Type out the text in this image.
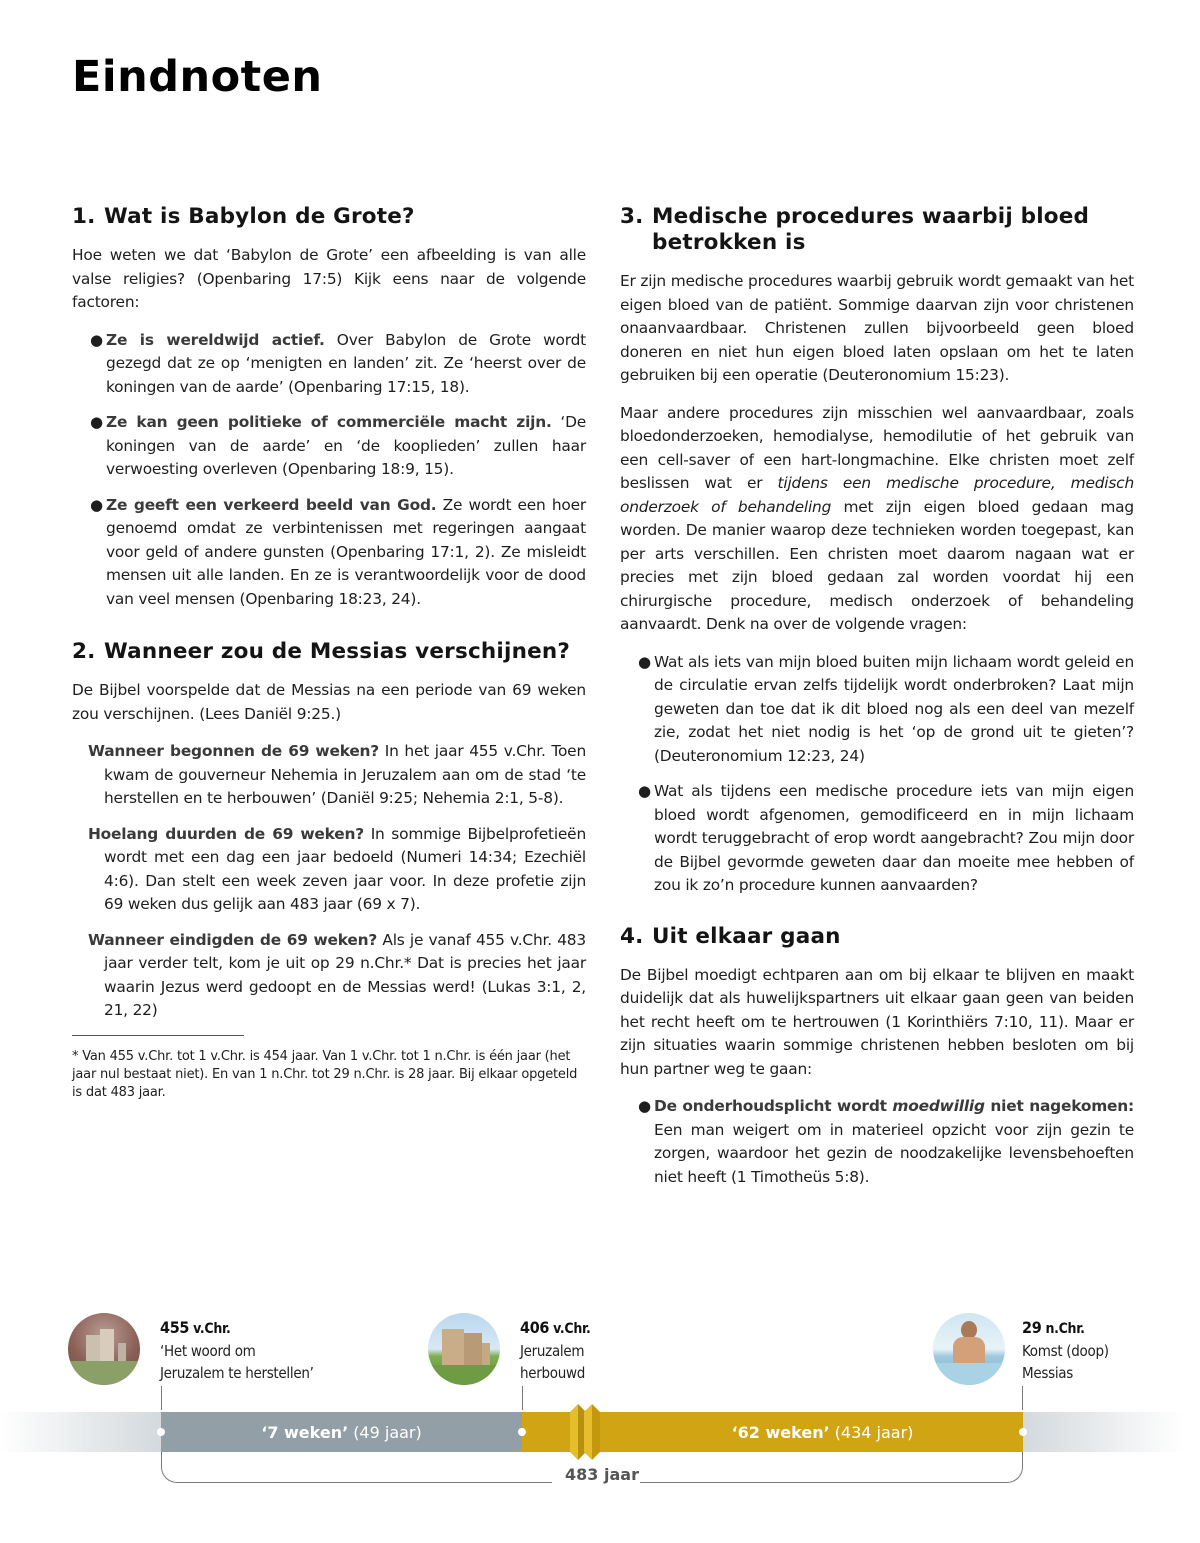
Eindnoten
1. Wat is Babylon de Grote?

Hoe weten we dat ‘Babylon de Grote’ een afbeelding is van alle valse religies? (Openbaring 17:5) Kijk eens naar de volgende factoren:

● Ze is wereldwijd actief. Over Babylon de Grote wordt gezegd dat ze op ‘menigten en landen’ zit. Ze ‘heerst over de koningen van de aarde’ (Openbaring 17:15, 18).
● Ze kan geen politieke of commerciële macht zijn. ‘De koningen van de aarde’ en ‘de kooplieden’ zullen haar verwoesting overleven (Openbaring 18:9, 15).
● Ze geeft een verkeerd beeld van God. Ze wordt een hoer genoemd omdat ze verbintenissen met regeringen aangaat voor geld of andere gunsten (Openbaring 17:1, 2). Ze misleidt mensen uit alle landen. En ze is verantwoordelijk voor de dood van veel mensen (Openbaring 18:23, 24).
2. Wanneer zou de Messias verschijnen?

De Bijbel voorspelde dat de Messias na een periode van 69 weken zou verschijnen. (Lees Daniël 9:25.)

Wanneer begonnen de 69 weken? In het jaar 455 v.Chr. Toen kwam de gouverneur Nehemia in Jeruzalem aan om de stad ‘te herstellen en te herbouwen’ (Daniël 9:25; Nehemia 2:1, 5-8).

Hoelang duurden de 69 weken? In sommige Bijbelprofetieën wordt met een dag een jaar bedoeld (Numeri 14:34; Ezechiël 4:6). Dan stelt een week zeven jaar voor. In deze profetie zijn 69 weken dus gelijk aan 483 jaar (69 x 7).

Wanneer eindigden de 69 weken? Als je vanaf 455 v.Chr. 483 jaar verder telt, kom je uit op 29 n.Chr.* Dat is precies het jaar waarin Jezus werd gedoopt en de Messias werd! (Lukas 3:1, 2, 21, 22)

* Van 455 v.Chr. tot 1 v.Chr. is 454 jaar. Van 1 v.Chr. tot 1 n.Chr. is één jaar (het jaar nul bestaat niet). En van 1 n.Chr. tot 29 n.Chr. is 28 jaar. Bij elkaar opgeteld is dat 483 jaar.

3. Medische procedures waarbij bloed
betrokken is

Er zijn medische procedures waarbij gebruik wordt gemaakt van het eigen bloed van de patiënt. Sommige daarvan zijn voor christenen onaanvaardbaar. Christenen zullen bijvoorbeeld geen bloed doneren en niet hun eigen bloed laten opslaan om het te laten gebruiken bij een operatie (Deuteronomium 15:23).

Maar andere procedures zijn misschien wel aanvaardbaar, zoals bloedonderzoeken, hemodialyse, hemodilutie of het gebruik van een cell-saver of een hart-longmachine. Elke christen moet zelf beslissen wat er tijdens een medische procedure, medisch onderzoek of behandeling met zijn eigen bloed gedaan mag worden. De manier waarop deze technieken worden toegepast, kan per arts verschillen. Een christen moet daarom nagaan wat er precies met zijn bloed gedaan zal worden voordat hij een chirurgische procedure, medisch onderzoek of behandeling aanvaardt. Denk na over de volgende vragen:

● Wat als iets van mijn bloed buiten mijn lichaam wordt geleid en de circulatie ervan zelfs tijdelijk wordt onderbroken? Laat mijn geweten dan toe dat ik dit bloed nog als een deel van mezelf zie, zodat het niet nodig is het ‘op de grond uit te gieten’? (Deuteronomium 12:23, 24)
● Wat als tijdens een medische procedure iets van mijn eigen bloed wordt afgenomen, gemodificeerd en in mijn lichaam wordt teruggebracht of erop wordt aangebracht? Zou mijn door de Bijbel gevormde geweten daar dan moeite mee hebben of zou ik zo’n procedure kunnen aanvaarden?
4. Uit elkaar gaan

De Bijbel moedigt echtparen aan om bij elkaar te blijven en maakt duidelijk dat als huwelijkspartners uit elkaar gaan geen van beiden het recht heeft om te hertrouwen (1 Korinthiërs 7:10, 11). Maar er zijn situaties waarin sommige christenen hebben besloten om bij hun partner weg te gaan:

● De onderhoudsplicht wordt moedwillig niet nagekomen: Een man weigert om in materieel opzicht voor zijn gezin te zorgen, waardoor het gezin de noodzakelijke levensbehoeften niet heeft (1 Timotheüs 5:8).
455 v.Chr.
‘Het woord om
Jeruzalem te herstellen’
406 v.Chr.
Jeruzalem
herbouwd
29 n.Chr.
Komst (doop)
Messias
‘7 weken’ (49 jaar)	‘62 weken’ (434 jaar)
483 jaar
